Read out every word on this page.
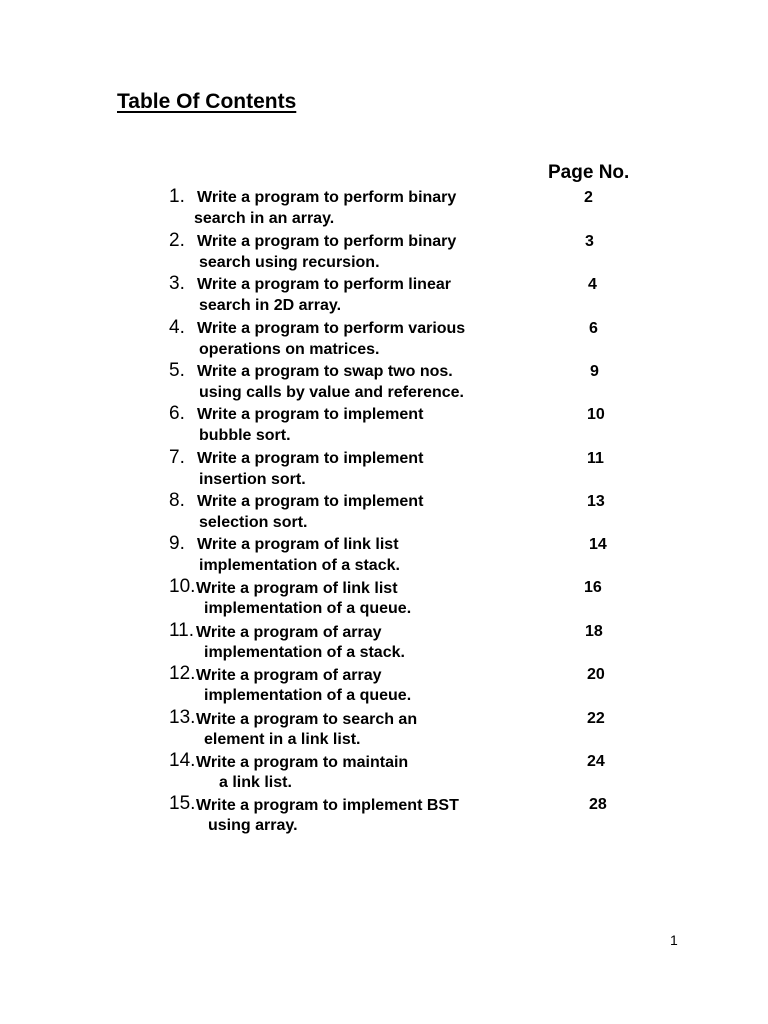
Table Of Contents
Page No.
1. Write a program to perform binary
search in an array.
2
2. Write a program to perform binary
search using recursion.
3
3. Write a program to perform linear
search in 2D array.
4
4. Write a program to perform various
operations on matrices.
6
5. Write a program to swap two nos.
using calls by value and reference.
9
6. Write a program to implement
bubble sort.
10
7. Write a program to implement
insertion sort.
11
8. Write a program to implement
selection sort.
13
9. Write a program of link list
implementation of a stack.
14
10. Write a program of link list
implementation of a queue.
16
11. Write a program of array
implementation of a stack.
18
12. Write a program of array
implementation of a queue.
20
13. Write a program to search an
element in a link list.
22
14. Write a program to maintain
a link list.
24
15. Write a program to implement BST
using array.
28
1
